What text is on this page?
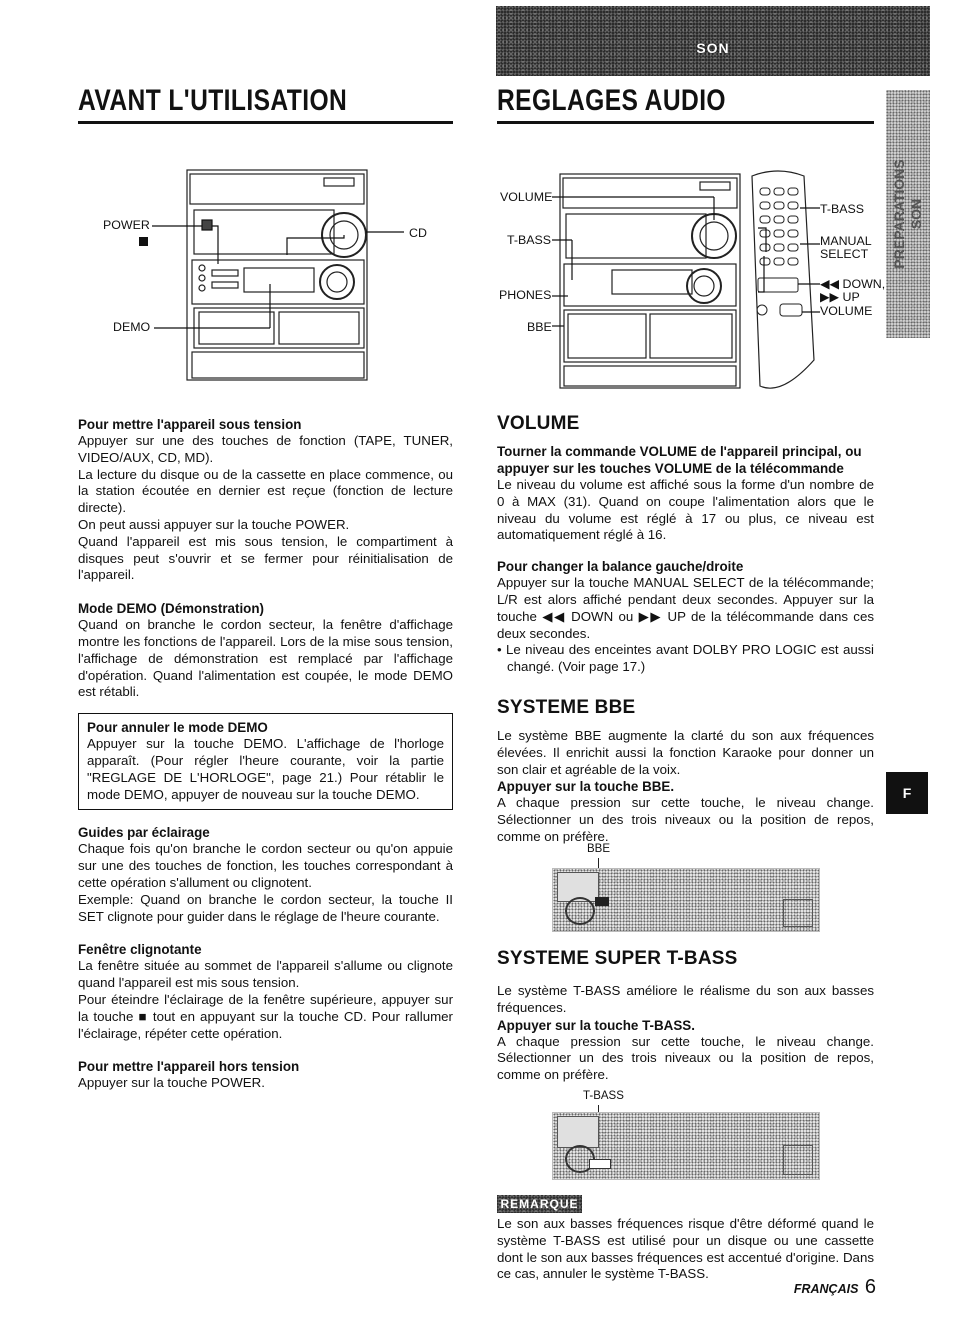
SON
AVANT L'UTILISATION	REGLAGES AUDIO
PREPARATIONS SON
F
POWER
CD
DEMO
VOLUME
T-BASS
PHONES
BBE
T-BASS
MANUAL
SELECT
◀◀ DOWN,
▶▶ UP
VOLUME
Pour mettre l'appareil sous tension

Appuyer sur une des touches de fonction (TAPE, TUNER, VIDEO/AUX, CD, MD).

La lecture du disque ou de la cassette en place commence, ou la station écoutée en dernier est reçue (fonction de lecture directe).

On peut aussi appuyer sur la touche POWER.

Quand l'appareil est mis sous tension, le compartiment à disques peut s'ouvrir et se fermer pour réinitialisation de l'appareil.

Mode DEMO (Démonstration)

Quand on branche le cordon secteur, la fenêtre d'affichage montre les fonctions de l'appareil. Lors de la mise sous tension, l'affichage de démonstration est remplacé par l'affichage d'opération. Quand l'alimentation est coupée, le mode DEMO est rétabli.

Pour annuler le mode DEMO

Appuyer sur la touche DEMO. L'affichage de l'horloge apparaît. (Pour régler l'heure courante, voir la partie "REGLAGE DE L'HORLOGE", page 21.) Pour rétablir le mode DEMO, appuyer de nouveau sur la touche DEMO.

Guides par éclairage

Chaque fois qu'on branche le cordon secteur ou qu'on appuie sur une des touches de fonction, les touches correspondant à cette opération s'allument ou clignotent.

Exemple: Quand on branche le cordon secteur, la touche II SET clignote pour guider dans le réglage de l'heure courante.

Fenêtre clignotante

La fenêtre située au sommet de l'appareil s'allume ou clignote quand l'appareil est mis sous tension.

Pour éteindre l'éclairage de la fenêtre supérieure, appuyer sur la touche ■ tout en appuyant sur la touche CD. Pour rallumer l'éclairage, répéter cette opération.

Pour mettre l'appareil hors tension

Appuyer sur la touche POWER.

VOLUME
Tourner la commande VOLUME de l'appareil principal, ou appuyer sur les touches VOLUME de la télécommande
Le niveau du volume est affiché sous la forme d'un nombre de 0 à MAX (31). Quand on coupe l'alimentation alors que le niveau du volume est réglé à 17 ou plus, ce niveau est automatiquement réglé à 16.
Pour changer la balance gauche/droite
Appuyer sur la touche MANUAL SELECT de la télécommande; L/R est alors affiché pendant deux secondes. Appuyer sur la touche ◀◀ DOWN ou ▶▶ UP de la télécommande dans ces deux secondes.
• Le niveau des enceintes avant DOLBY PRO LOGIC est aussi changé. (Voir page 17.)
SYSTEME BBE
Le système BBE augmente la clarté du son aux fréquences élevées. Il enrichit aussi la fonction Karaoke pour donner un son clair et agréable de la voix.
Appuyer sur la touche BBE.
A chaque pression sur cette touche, le niveau change. Sélectionner un des trois niveaux ou la position de repos, comme on préfère.
BBE
SYSTEME SUPER T-BASS
Le système T-BASS améliore le réalisme du son aux basses fréquences.
Appuyer sur la touche T-BASS.
A chaque pression sur cette touche, le niveau change. Sélectionner un des trois niveaux ou la position de repos, comme on préfère.
T-BASS
REMARQUE
Le son aux basses fréquences risque d'être déformé quand le système T-BASS est utilisé pour un disque ou une cassette dont le son aux basses fréquences est accentué d'origine. Dans ce cas, annuler le système T-BASS.
FRANÇAIS 6
